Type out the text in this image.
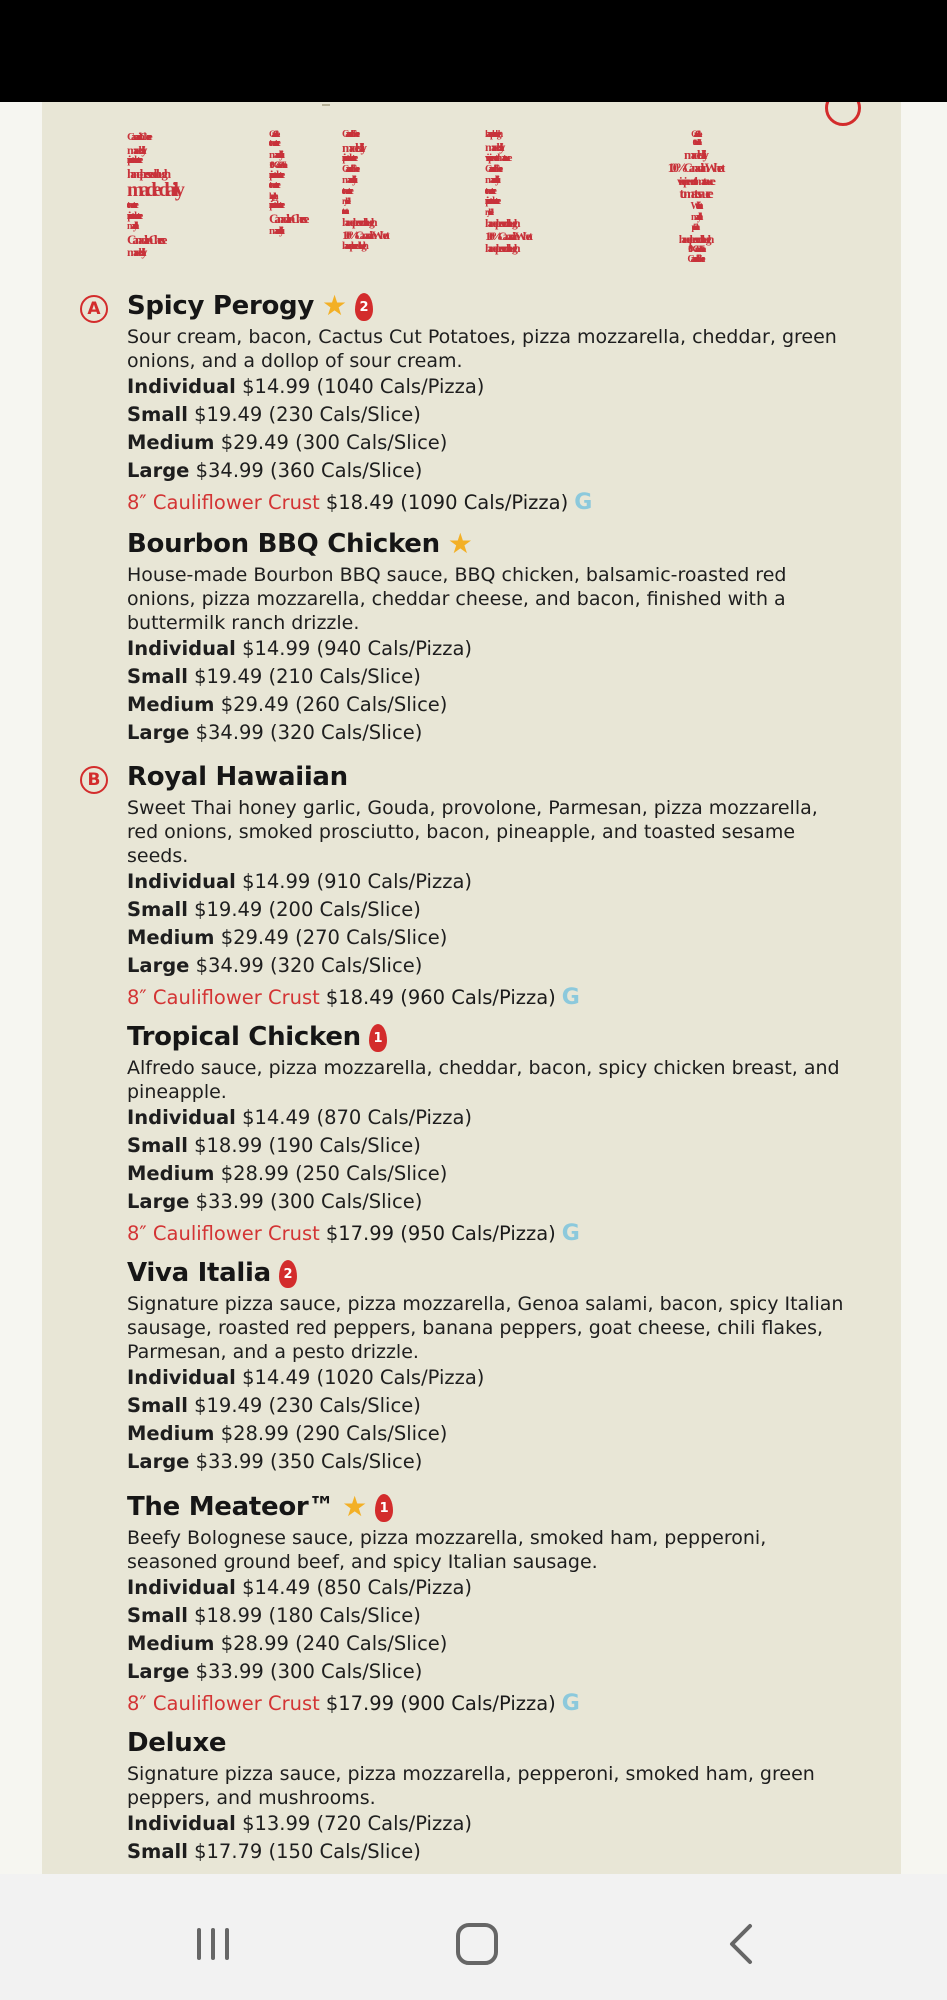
Canadian Cheese
made daily
vine-ripened tomato sauce
hand-pressed dough
made daily
tomato sauce
vine-ripened tomato sauce
made daily
Canadian Cheese
made daily
Canadian Cheese
tomato sauce
made daily
100% Canadian Wheat
vine-ripened tomato sauce
tomato sauce
hand-pressed dough
vine-ripened tomato sauce
Canadian Cheese
made daily
Canadian Cheese
made daily
vine-ripened tomato sauce
Canadian Cheese
made daily
tomato sauce
made daily
tomato sauce
hand-pressed dough
100% Canadian Wheat
hand-pressed dough
hand-pressed dough
made daily
vine-ripened tomato sauce
Canadian Cheese
made daily
tomato sauce
vine-ripened tomato sauce
made daily
hand-pressed dough
100% Canadian Wheat
hand-pressed dough
Canadian Cheese
100% Canadian Wheat
made daily
100% Canadian Wheat
vine-ripened tomato sauce
tomato sauce
Wheat flour
made daily
vine-ripened tomato sauce
hand-pressed dough
100% Canadian Wheat
Canadian Cheese
A Spicy Perogy ★ 2
Sour cream, bacon, Cactus Cut Potatoes, pizza mozzarella, cheddar, green onions, and a dollop of sour cream.
Individual $14.99 (1040 Cals/Pizza)
Small $19.49 (230 Cals/Slice)
Medium $29.49 (300 Cals/Slice)
Large $34.99 (360 Cals/Slice)
8″ Cauliflower Crust $18.49 (1090 Cals/Pizza) G
Bourbon BBQ Chicken ★
House-made Bourbon BBQ sauce, BBQ chicken, balsamic-roasted red onions, pizza mozzarella, cheddar cheese, and bacon, finished with a buttermilk ranch drizzle.
Individual $14.99 (940 Cals/Pizza)
Small $19.49 (210 Cals/Slice)
Medium $29.49 (260 Cals/Slice)
Large $34.99 (320 Cals/Slice)
B Royal Hawaiian
Sweet Thai honey garlic, Gouda, provolone, Parmesan, pizza mozzarella, red onions, smoked prosciutto, bacon, pineapple, and toasted sesame seeds.
Individual $14.99 (910 Cals/Pizza)
Small $19.49 (200 Cals/Slice)
Medium $29.49 (270 Cals/Slice)
Large $34.99 (320 Cals/Slice)
8″ Cauliflower Crust $18.49 (960 Cals/Pizza) G
Tropical Chicken 1
Alfredo sauce, pizza mozzarella, cheddar, bacon, spicy chicken breast, and pineapple.
Individual $14.49 (870 Cals/Pizza)
Small $18.99 (190 Cals/Slice)
Medium $28.99 (250 Cals/Slice)
Large $33.99 (300 Cals/Slice)
8″ Cauliflower Crust $17.99 (950 Cals/Pizza) G
Viva Italia 2
Signature pizza sauce, pizza mozzarella, Genoa salami, bacon, spicy Italian sausage, roasted red peppers, banana peppers, goat cheese, chili flakes, Parmesan, and a pesto drizzle.
Individual $14.49 (1020 Cals/Pizza)
Small $19.49 (230 Cals/Slice)
Medium $28.99 (290 Cals/Slice)
Large $33.99 (350 Cals/Slice)
The Meateor™ ★ 1
Beefy Bolognese sauce, pizza mozzarella, smoked ham, pepperoni, seasoned ground beef, and spicy Italian sausage.
Individual $14.49 (850 Cals/Pizza)
Small $18.99 (180 Cals/Slice)
Medium $28.99 (240 Cals/Slice)
Large $33.99 (300 Cals/Slice)
8″ Cauliflower Crust $17.99 (900 Cals/Pizza) G
Deluxe
Signature pizza sauce, pizza mozzarella, pepperoni, smoked ham, green peppers, and mushrooms.
Individual $13.99 (720 Cals/Pizza)
Small $17.79 (150 Cals/Slice)
